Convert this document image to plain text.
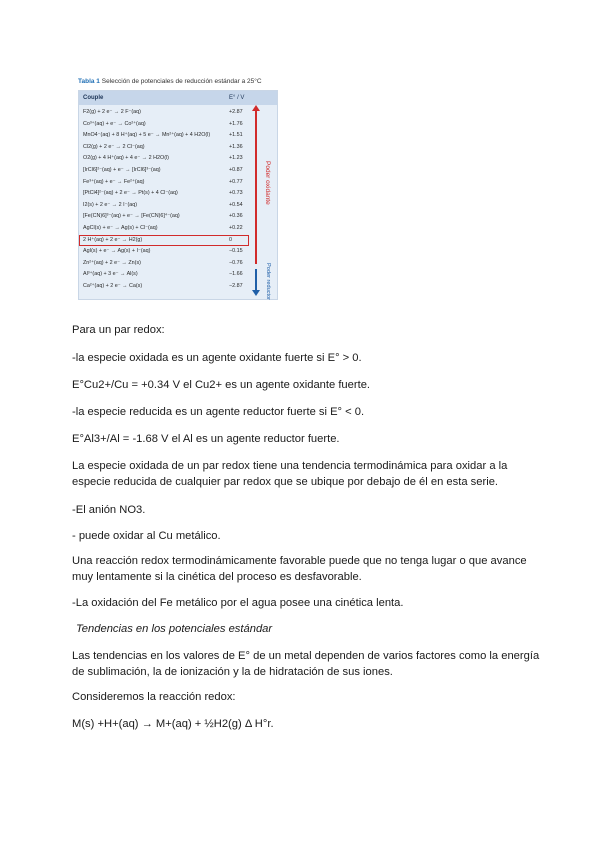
Tabla 1 Selección de potenciales de reducción estándar a 25°C
Couple	E° / V
F2(g) + 2 e⁻ → 2 F⁻(aq)	+2.87
Co³⁺(aq) + e⁻ → Co²⁺(aq)	+1.76
MnO4⁻(aq) + 8 H⁺(aq) + 5 e⁻ → Mn²⁺(aq) + 4 H2O(l)	+1.51
Cl2(g) + 2 e⁻ → 2 Cl⁻(aq)	+1.36
O2(g) + 4 H⁺(aq) + 4 e⁻ → 2 H2O(l)	+1.23
[IrCl6]²⁻(aq) + e⁻ → [IrCl6]³⁻(aq)	+0.87
Fe³⁺(aq) + e⁻ → Fe²⁺(aq)	+0.77
[PtCl4]²⁻(aq) + 2 e⁻ → Pt(s) + 4 Cl⁻(aq)	+0.73
I2(s) + 2 e⁻ → 2 I⁻(aq)	+0.54
[Fe(CN)6]³⁻(aq) + e⁻ → [Fe(CN)6]⁴⁻(aq)	+0.36
AgCl(s) + e⁻ → Ag(s) + Cl⁻(aq)	+0.22
2 H⁺(aq) + 2 e⁻ → H2(g)	0
AgI(s) + e⁻ → Ag(s) + I⁻(aq)	−0.15
Zn²⁺(aq) + 2 e⁻ → Zn(s)	−0.76
Al³⁺(aq) + 3 e⁻ → Al(s)	−1.66
Ca²⁺(aq) + 2 e⁻ → Ca(s)	−2.87
Poder oxidante
Poder reductor

Para un par redox:

-la especie oxidada es un agente oxidante fuerte si E° > 0.

E°Cu2+/Cu = +0.34 V el Cu2+ es un agente oxidante fuerte.

-la especie reducida es un agente reductor fuerte si E° < 0.

E°Al3+/Al = -1.68 V el Al es un agente reductor fuerte.

La especie oxidada de un par redox tiene una tendencia termodinámica para oxidar a la especie reducida de cualquier par redox que se ubique por debajo de él en esta serie.

-El anión NO3.

- puede oxidar al Cu metálico.

Una reacción redox termodinámicamente favorable puede que no tenga lugar o que avance muy lentamente si la cinética del proceso es desfavorable.

-La oxidación del Fe metálico por el agua posee una cinética lenta.

Tendencias en los potenciales estándar

Las tendencias en los valores de E° de un metal dependen de varios factores como la energía de sublimación, la de ionización y la de hidratación de sus iones.

Consideremos la reacción redox:

M(s) +H+(aq) → M+(aq) + ½H2(g) Δ H°r.
